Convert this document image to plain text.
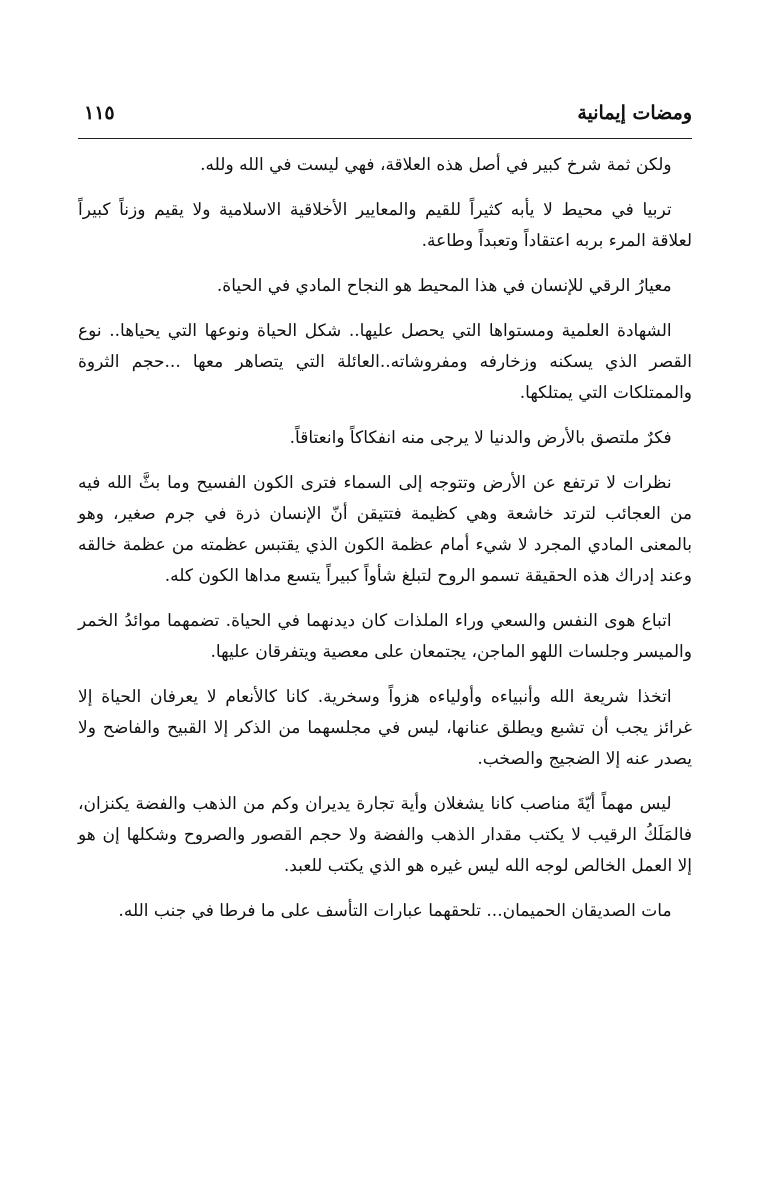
ومضات إيمانية
١١٥

ولكن ثمة شرخ كبير في أصل هذه العلاقة، فهي ليست في الله ولله.

تربيا في محيط لا يأبه كثيراً للقيم والمعايير الأخلاقية الاسلامية ولا يقيم وزناً كبيراً لعلاقة المرء بربه اعتقاداً وتعبداً وطاعة.

معيارُ الرقي للإنسان في هذا المحيط هو النجاح المادي في الحياة.

الشهادة العلمية ومستواها التي يحصل عليها.. شكل الحياة ونوعها التي يحياها.. نوع القصر الذي يسكنه وزخارفه ومفروشاته..العائلة التي يتصاهر معها ...حجم الثروة والممتلكات التي يمتلكها.

فكرٌ ملتصق بالأرض والدنيا لا يرجى منه انفكاكاً وانعتاقاً.

نظرات لا ترتفع عن الأرض وتتوجه إلى السماء فترى الكون الفسيح وما بثَّ الله فيه من العجائب لترتد خاشعة وهي كظيمة فتتيقن أنّ الإنسان ذرة في جرم صغير، وهو بالمعنى المادي المجرد لا شيء أمام عظمة الكون الذي يقتبس عظمته من عظمة خالقه وعند إدراك هذه الحقيقة تسمو الروح لتبلغ شأواً كبيراً يتسع مداها الكون كله.

اتباع هوى النفس والسعي وراء الملذات كان ديدنهما في الحياة. تضمهما موائدُ الخمر والميسر وجلسات اللهو الماجن، يجتمعان على معصية ويتفرقان عليها.

اتخذا شريعة الله وأنبياءه وأولياءه هزواً وسخرية. كانا كالأنعام لا يعرفان الحياة إلا غرائز يجب أن تشبع ويطلق عنانها، ليس في مجلسهما من الذكر إلا القبيح والفاضح ولا يصدر عنه إلا الضجيج والصخب.

ليس مهماً أيّةَ مناصب كانا يشغلان وأية تجارة يديران وكم من الذهب والفضة يكنزان، فالمَلَكُ الرقيب لا يكتب مقدار الذهب والفضة ولا حجم القصور والصروح وشكلها إن هو إلا العمل الخالص لوجه الله ليس غيره هو الذي يكتب للعبد.

مات الصديقان الحميمان... تلحقهما عبارات التأسف على ما فرطا في جنب الله.
